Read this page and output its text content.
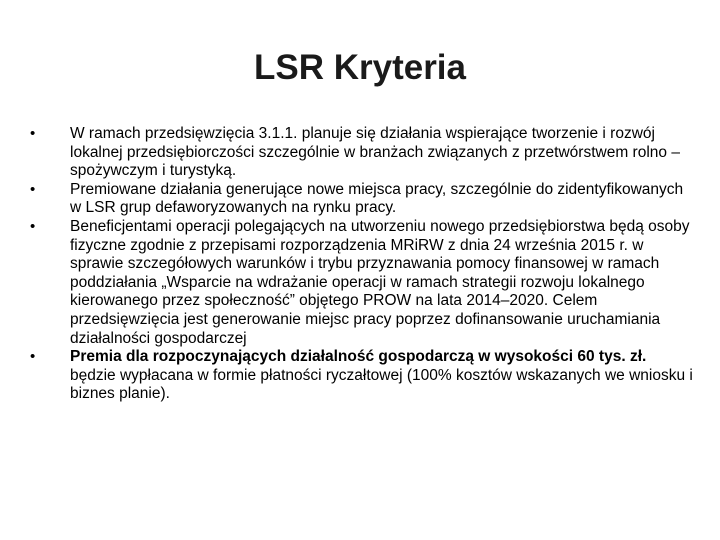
LSR Kryteria
•	W ramach przedsięwzięcia 3.1.1. planuje się działania wspierające tworzenie i rozwój lokalnej przedsiębiorczości szczególnie w branżach związanych z przetwórstwem rolno – spożywczym i turystyką.
•	Premiowane działania generujące nowe miejsca pracy, szczególnie do zidentyfikowanych w LSR grup defaworyzowanych na rynku pracy.
•	Beneficjentami operacji polegających na utworzeniu nowego przedsiębiorstwa będą osoby fizyczne zgodnie z przepisami rozporządzenia MRiRW z dnia 24 września 2015 r. w sprawie szczegółowych warunków i trybu przyznawania pomocy finansowej w ramach poddziałania „Wsparcie na wdrażanie operacji w ramach strategii rozwoju lokalnego kierowanego przez społeczność” objętego PROW na lata 2014–2020. Celem przedsięwzięcia jest generowanie miejsc pracy poprzez dofinansowanie uruchamiania działalności gospodarczej
•	Premia dla rozpoczynających działalność gospodarczą w wysokości 60 tys. zł. będzie wypłacana w formie płatności ryczałtowej (100% kosztów wskazanych we wniosku i biznes planie).
